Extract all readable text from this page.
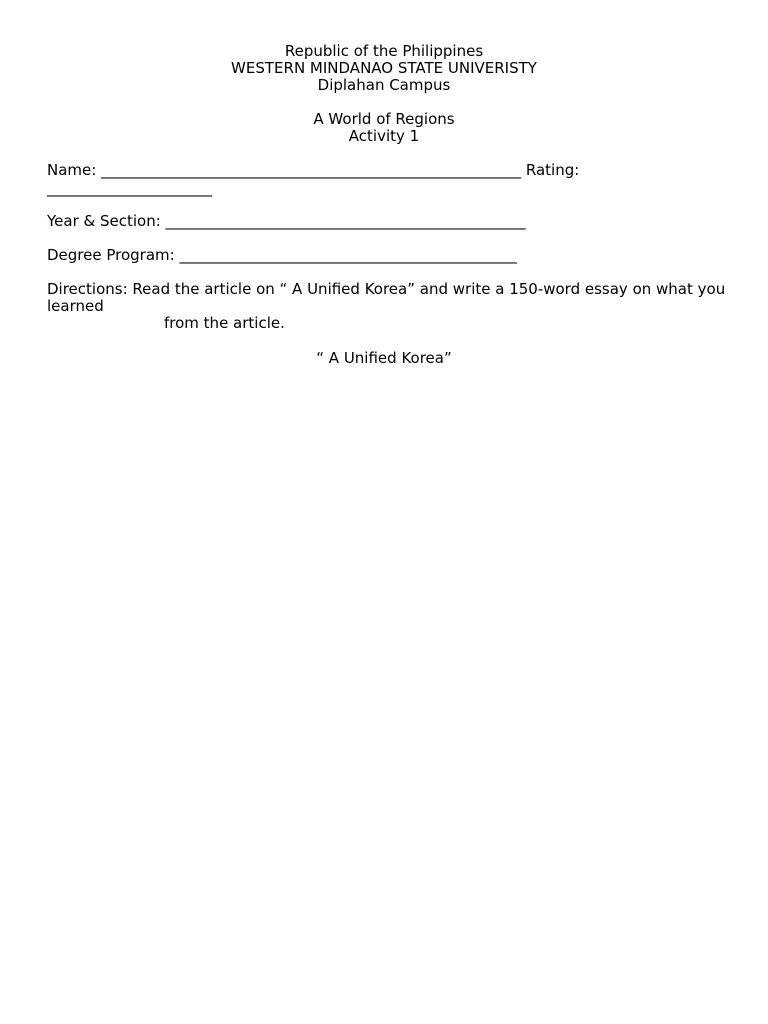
Republic of the Philippines
WESTERN MINDANAO STATE UNIVERISTY
Diplahan Campus
A World of Regions
Activity 1
Name: ________________________________________________________ Rating:
______________________
Year & Section: ________________________________________________
Degree Program: _____________________________________________
Directions: Read the article on “ A Unified Korea” and write a 150-word essay on what you learned
from the article.
“ A Unified Korea”
